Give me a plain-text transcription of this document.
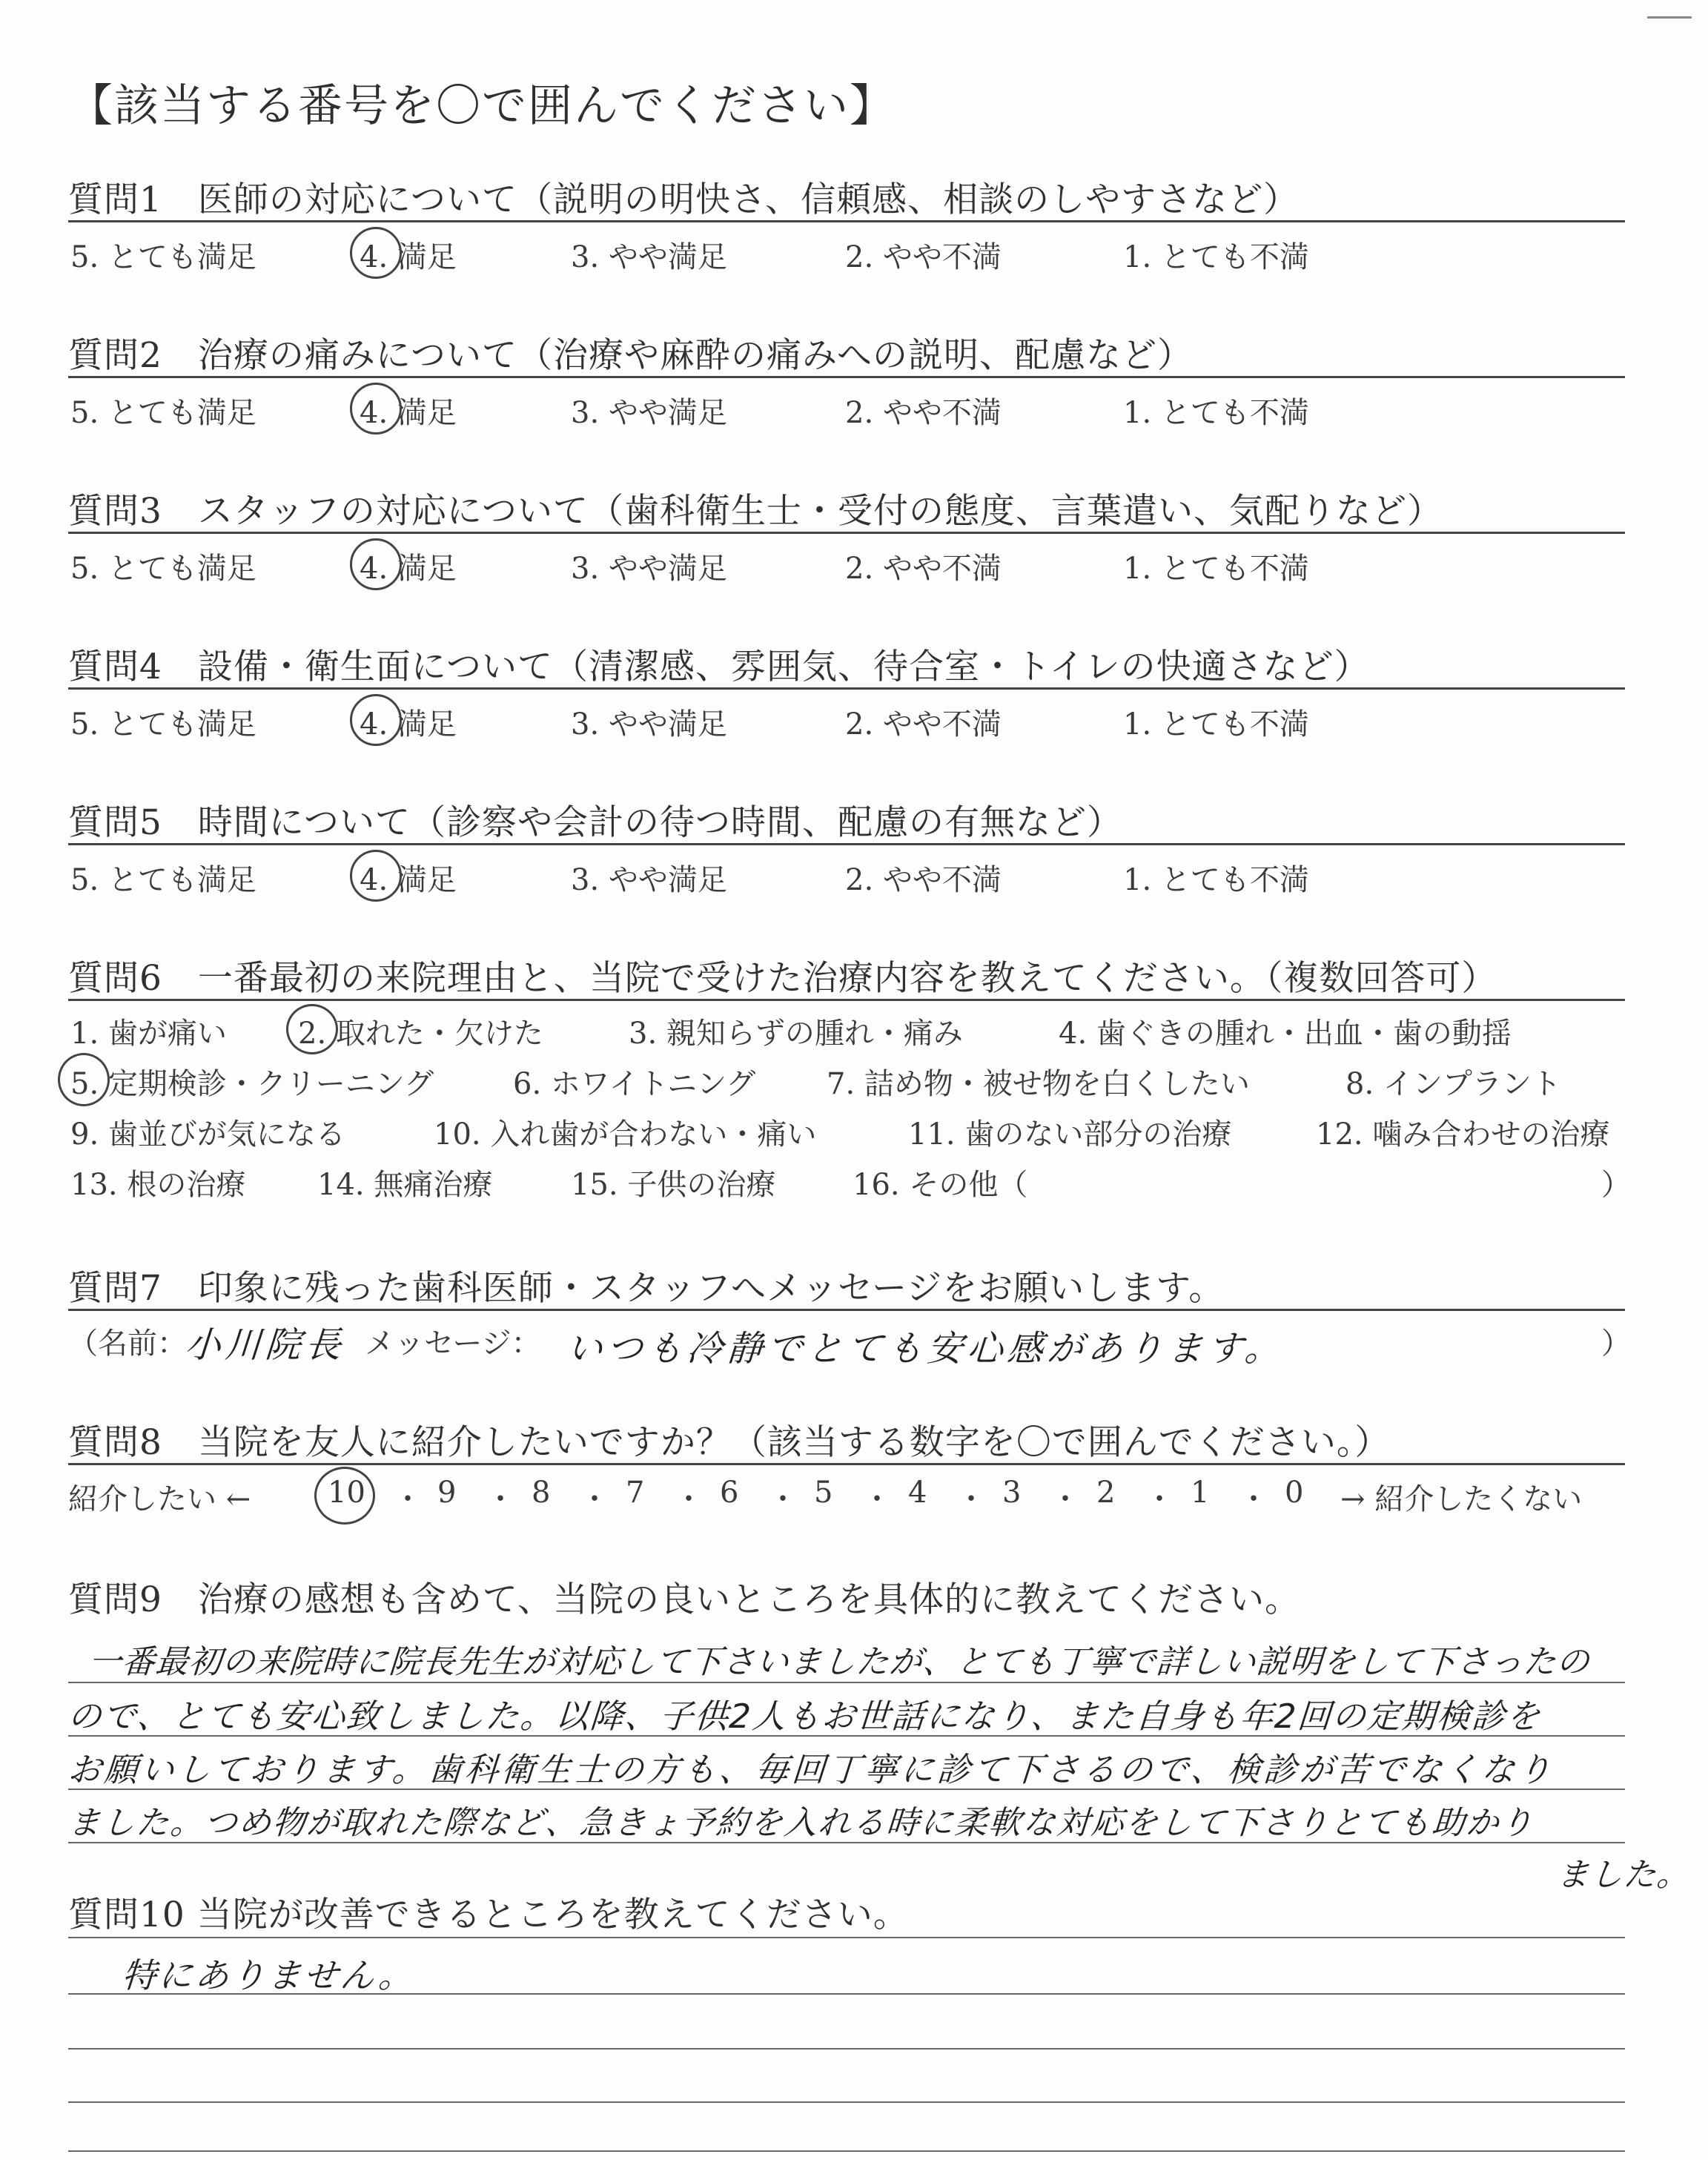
【該当する番号を〇で囲んでください】
質問1　医師の対応について（説明の明快さ、信頼感、相談のしやすさなど）
5. とても満足	4. 満足	3. やや満足	2. やや不満	1. とても不満
質問2　治療の痛みについて（治療や麻酔の痛みへの説明、配慮など）
5. とても満足	4. 満足	3. やや満足	2. やや不満	1. とても不満
質問3　スタッフの対応について（歯科衛生士・受付の態度、言葉遣い、気配りなど）
5. とても満足	4. 満足	3. やや満足	2. やや不満	1. とても不満
質問4　設備・衛生面について（清潔感、雰囲気、待合室・トイレの快適さなど）
5. とても満足	4. 満足	3. やや満足	2. やや不満	1. とても不満
質問5　時間について（診察や会計の待つ時間、配慮の有無など）
5. とても満足	4. 満足	3. やや満足	2. やや不満	1. とても不満
質問6　一番最初の来院理由と、当院で受けた治療内容を教えてください。（複数回答可）
1. 歯が痛い 2. 取れた・欠けた	3. 親知らずの腫れ・痛み	4. 歯ぐきの腫れ・出血・歯の動揺
5. 定期検診・クリーニング	6. ホワイトニング 7. 詰め物・被せ物を白くしたい	8. インプラント
9. 歯並びが気になる	10. 入れ歯が合わない・痛い	11. 歯のない部分の治療	12. 噛み合わせの治療
13. 根の治療 14. 無痛治療	15. 子供の治療	16. その他（	）
質問7　印象に残った歯科医師・スタッフへメッセージをお願いします。
（名前：
小川院長 メッセージ： いつも冷静でとても安心感があります。	）
質問8　当院を友人に紹介したいですか？（該当する数字を〇で囲んでください。）
紹介したい ←	10 ・ 9 ・ 8 ・ 7 ・ 6 ・ 5 ・ 4 ・ 3 ・ 2 ・ 1 ・ 0 → 紹介したくない
質問9　治療の感想も含めて、当院の良いところを具体的に教えてください。
一番最初の来院時に院長先生が対応して下さいましたが、とても丁寧で詳しい説明をして下さったの
ので、とても安心致しました。以降、子供2人もお世話になり、また自身も年2回の定期検診を
お願いしております。歯科衛生士の方も、毎回丁寧に診て下さるので、検診が苦でなくなり
ました。つめ物が取れた際など、急きょ予約を入れる時に柔軟な対応をして下さりとても助かり
ました。
質問10 当院が改善できるところを教えてください。
特にありません。
